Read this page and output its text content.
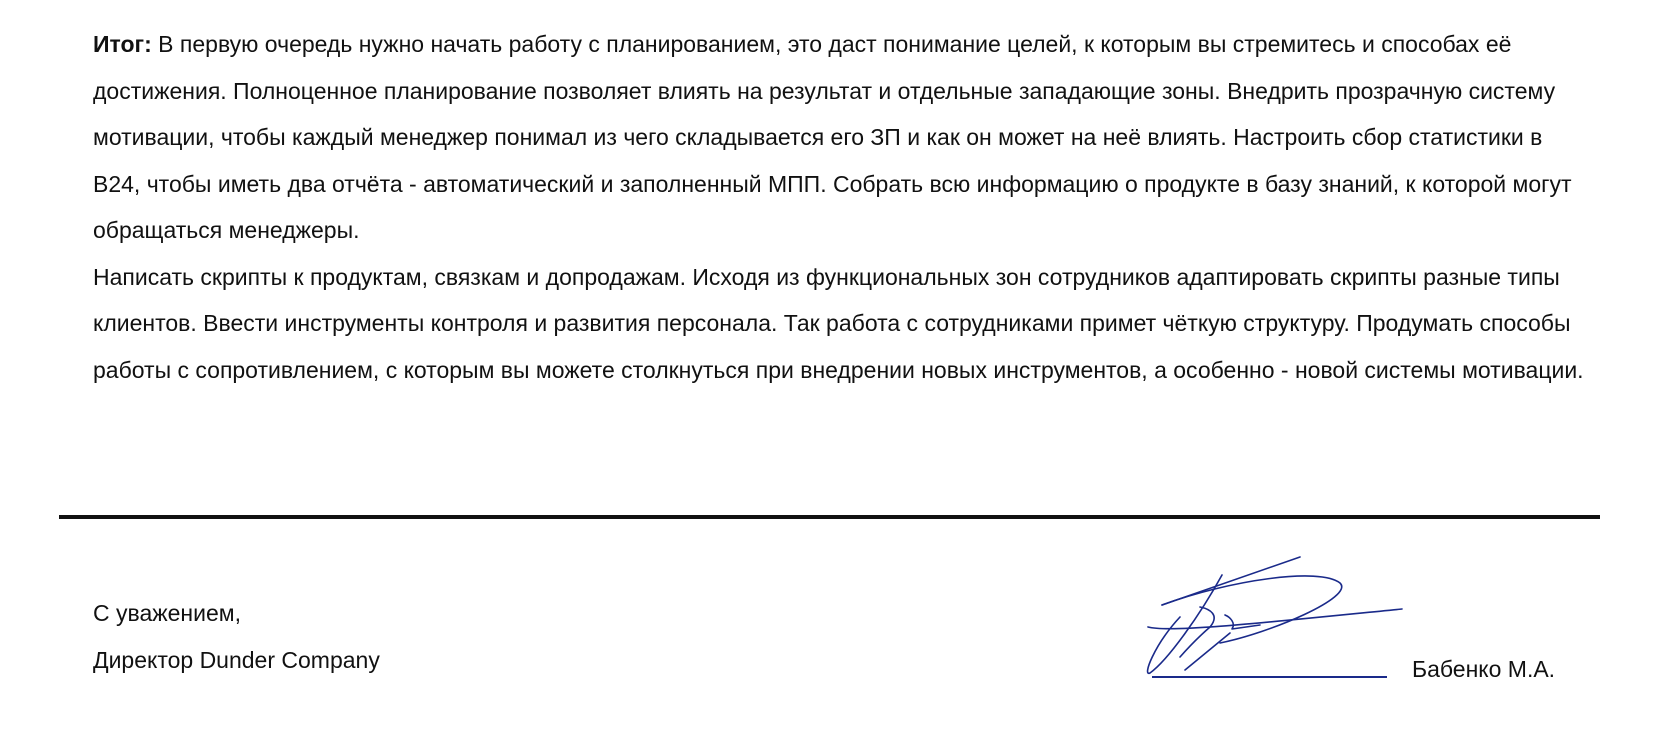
Итог: В первую очередь нужно начать работу с планированием, это даст понимание целей, к которым вы стремитесь и способах её достижения. Полноценное планирование позволяет влиять на результат и отдельные западающие зоны. Внедрить прозрачную систему мотивации, чтобы каждый менеджер понимал из чего складывается его ЗП и как он может на неё влиять. Настроить сбор статистики в B24, чтобы иметь два отчёта - автоматический и заполненный МПП. Собрать всю информацию о продукте в базу знаний, к которой могут обращаться менеджеры.

Написать скрипты к продуктам, связкам и допродажам. Исходя из функциональных зон сотрудников адаптировать скрипты разные типы клиентов. Ввести инструменты контроля и развития персонала. Так работа с сотрудниками примет чёткую структуру. Продумать способы работы с сопротивлением, с которым вы можете столкнуться при внедрении новых инструментов, а особенно - новой системы мотивации.

С уважением,

Директор Dunder Company	Бабенко М.А.
